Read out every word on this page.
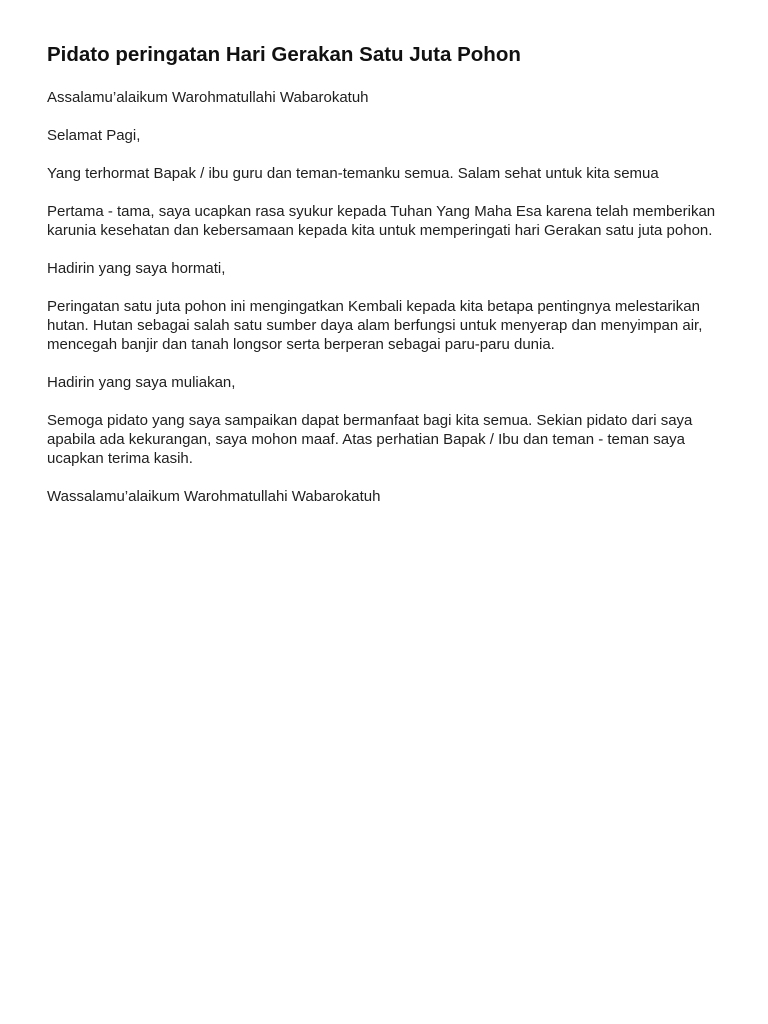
Pidato peringatan Hari Gerakan Satu Juta Pohon

Assalamu’alaikum Warohmatullahi Wabarokatuh

Selamat Pagi,

Yang terhormat Bapak / ibu guru dan teman-temanku semua. Salam sehat untuk kita semua

Pertama - tama, saya ucapkan rasa syukur kepada Tuhan Yang Maha Esa karena telah memberikan karunia kesehatan dan kebersamaan kepada kita untuk memperingati hari Gerakan satu juta pohon.

Hadirin yang saya hormati,

Peringatan satu juta pohon ini mengingatkan Kembali kepada kita betapa pentingnya melestarikan hutan. Hutan sebagai salah satu sumber daya alam berfungsi untuk menyerap dan menyimpan air, mencegah banjir dan tanah longsor serta berperan sebagai paru-paru dunia.

Hadirin yang saya muliakan,

Semoga pidato yang saya sampaikan dapat bermanfaat bagi kita semua. Sekian pidato dari saya apabila ada kekurangan, saya mohon maaf. Atas perhatian Bapak / Ibu dan teman - teman saya ucapkan terima kasih.

Wassalamu’alaikum Warohmatullahi Wabarokatuh
